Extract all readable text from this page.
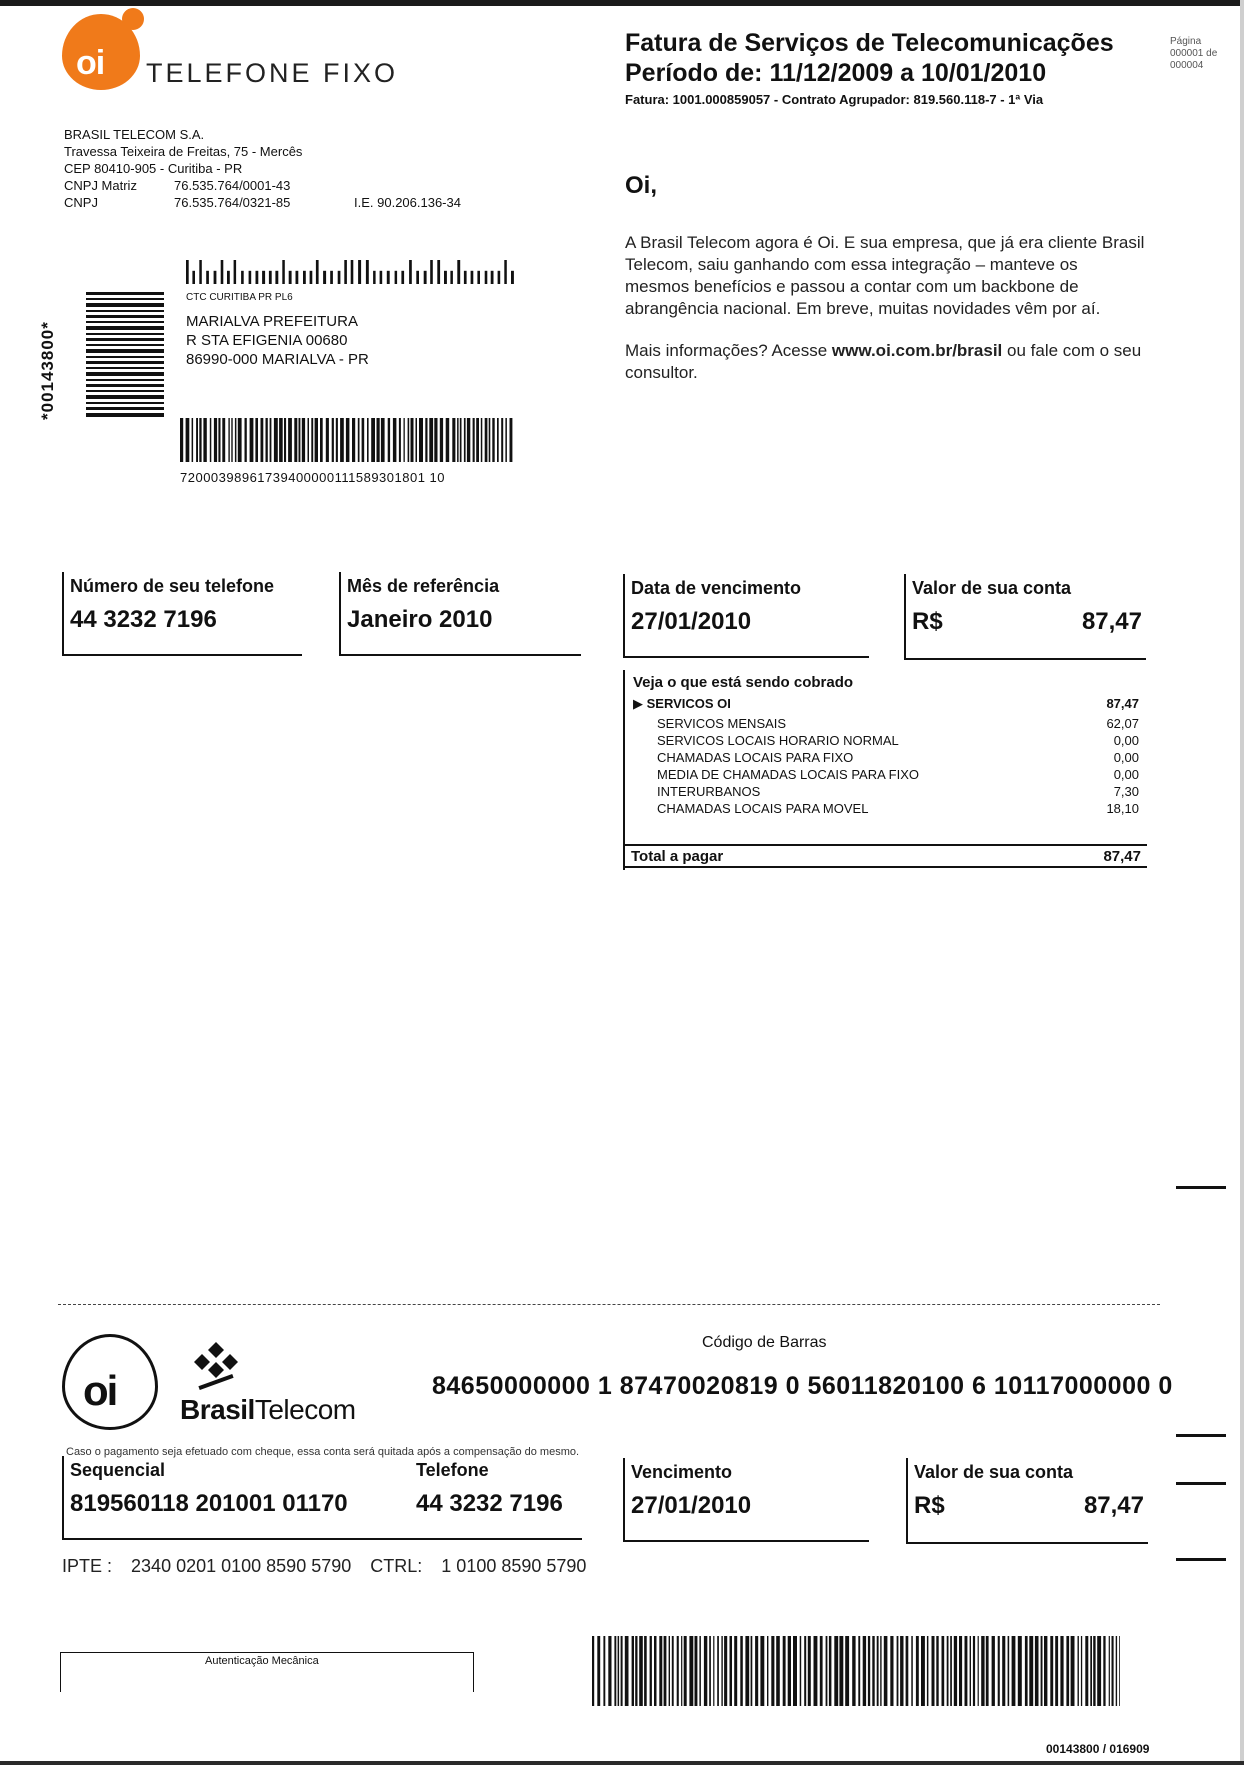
oi TELEFONE FIXO
Fatura de Serviços de Telecomunicações
Período de: 11/12/2009 a 10/01/2010
Fatura: 1001.000859057 - Contrato Agrupador: 819.560.118-7 - 1ª Via
Página
000001 de
000004
BRASIL TELECOM S.A.
Travessa Teixeira de Freitas, 75 - Mercês
CEP 80410-905 - Curitiba - PR
CNPJ Matriz	76.535.764/0001-43
CNPJ	76.535.764/0321-85	I.E. 90.206.136-34
*00143800*
CTC CURITIBA PR PL6
MARIALVA PREFEITURA
R STA EFIGENIA 00680
86990-000 MARIALVA - PR
72000398961739400000111589301801 10
Oi,
A Brasil Telecom agora é Oi. E sua empresa, que já era cliente Brasil Telecom, saiu ganhando com essa integração – manteve os mesmos benefícios e passou a contar com um backbone de abrangência nacional. Em breve, muitas novidades vêm por aí.
Mais informações? Acesse www.oi.com.br/brasil ou fale com o seu consultor.
Número de seu telefone
44 3232 7196
Mês de referência
Janeiro 2010
Data de vencimento
27/01/2010
Valor de sua conta
R$	87,47
Veja o que está sendo cobrado
▶ SERVICOS OI	87,47
SERVICOS MENSAIS	62,07
SERVICOS LOCAIS HORARIO NORMAL	0,00
CHAMADAS LOCAIS PARA FIXO	0,00
MEDIA DE CHAMADAS LOCAIS PARA FIXO	0,00
INTERURBANOS	7,30
CHAMADAS LOCAIS PARA MOVEL	18,10
Total a pagar	87,47
oi BrasilTelecom
Código de Barras
84650000000 1 87470020819 0 56011820100 6 10117000000 0
Caso o pagamento seja efetuado com cheque, essa conta será quitada após a compensação do mesmo.
Sequencial
819560118 201001 01170
Telefone
44 3232 7196
Vencimento
27/01/2010
Valor de sua conta
R$	87,47
IPTE : 2340 0201 0100 8590 5790 CTRL: 1 0100 8590 5790
Autenticação Mecânica
00143800 / 016909
